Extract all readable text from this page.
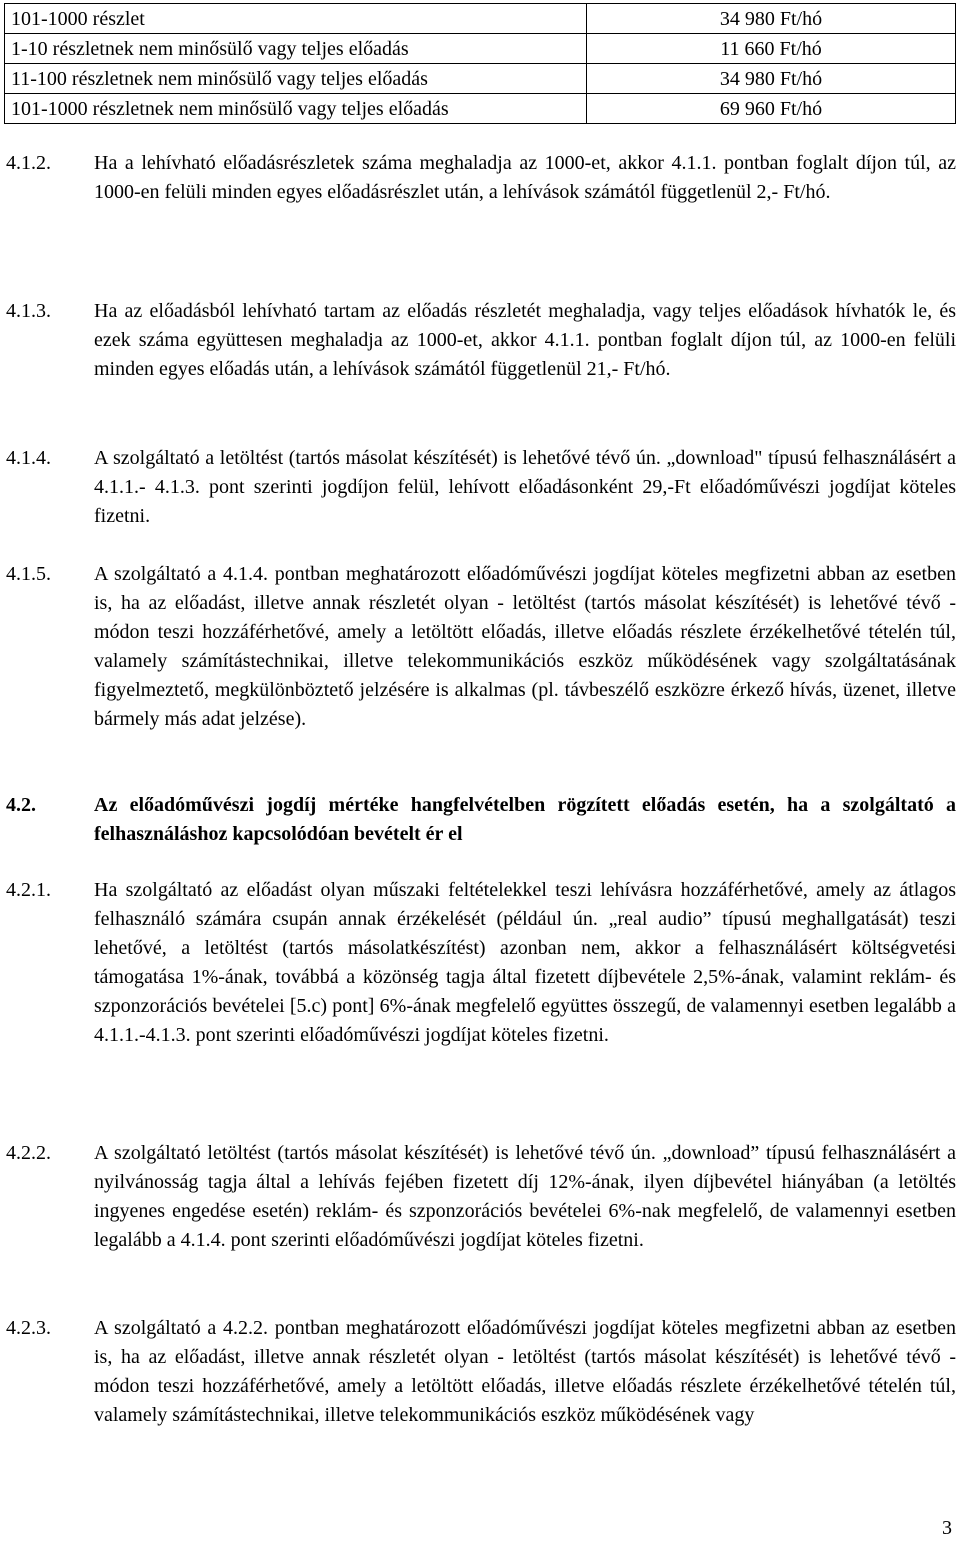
101-1000 részlet	34 980 Ft/hó
1-10 részletnek nem minősülő vagy teljes előadás	11 660 Ft/hó
11-100 részletnek nem minősülő vagy teljes előadás	34 980 Ft/hó
101-1000 részletnek nem minősülő vagy teljes előadás	69 960 Ft/hó
4.1.2.	Ha a lehívható előadásrészletek száma meghaladja az 1000-et, akkor 4.1.1. pontban foglalt díjon túl, az 1000-en felüli minden egyes előadásrészlet után, a lehívások számától függetlenül 2,- Ft/hó.
4.1.3.	Ha az előadásból lehívható tartam az előadás részletét meghaladja, vagy teljes előadások hívhatók le, és ezek száma együttesen meghaladja az 1000-et, akkor 4.1.1. pontban foglalt díjon túl, az 1000-en felüli minden egyes előadás után, a lehívások számától függetlenül 21,- Ft/hó.
4.1.4.	A szolgáltató a letöltést (tartós másolat készítését) is lehetővé tévő ún. „download" típusú felhasználásért a 4.1.1.- 4.1.3. pont szerinti jogdíjon felül, lehívott előadásonként 29,-Ft előadóművészi jogdíjat köteles fizetni.
4.1.5.	A szolgáltató a 4.1.4. pontban meghatározott előadóművészi jogdíjat köteles megfizetni abban az esetben is, ha az előadást, illetve annak részletét olyan - letöltést (tartós másolat készítését) is lehetővé tévő - módon teszi hozzáférhetővé, amely a letöltött előadás, illetve előadás részlete érzékelhetővé tételén túl, valamely számítástechnikai, illetve telekommunikációs eszköz működésének vagy szolgáltatásának figyelmeztető, megkülönböztető jelzésére is alkalmas (pl. távbeszélő eszközre érkező hívás, üzenet, illetve bármely más adat jelzése).
4.2.	Az előadóművészi jogdíj mértéke hangfelvételben rögzített előadás esetén, ha a szolgáltató a felhasználáshoz kapcsolódóan bevételt ér el
4.2.1.	Ha szolgáltató az előadást olyan műszaki feltételekkel teszi lehívásra hozzáférhetővé, amely az átlagos felhasználó számára csupán annak érzékelését (például ún. „real audio” típusú meghallgatását) teszi lehetővé, a letöltést (tartós másolatkészítést) azonban nem, akkor a felhasználásért költségvetési támogatása 1%-ának, továbbá a közönség tagja által fizetett díjbevétele 2,5%-ának, valamint reklám- és szponzorációs bevételei [5.c) pont] 6%-ának megfelelő együttes összegű, de valamennyi esetben legalább a 4.1.1.-4.1.3. pont szerinti előadóművészi jogdíjat köteles fizetni.
4.2.2.	A szolgáltató letöltést (tartós másolat készítését) is lehetővé tévő ún. „download” típusú felhasználásért a nyilvánosság tagja által a lehívás fejében fizetett díj 12%-ának, ilyen díjbevétel hiányában (a letöltés ingyenes engedése esetén) reklám- és szponzorációs bevételei 6%-nak megfelelő, de valamennyi esetben legalább a 4.1.4. pont szerinti előadóművészi jogdíjat köteles fizetni.
4.2.3.	A szolgáltató a 4.2.2. pontban meghatározott előadóművészi jogdíjat köteles megfizetni abban az esetben is, ha az előadást, illetve annak részletét olyan - letöltést (tartós másolat készítését) is lehetővé tévő - módon teszi hozzáférhetővé, amely a letöltött előadás, illetve előadás részlete érzékelhetővé tételén túl, valamely számítástechnikai, illetve telekommunikációs eszköz működésének vagy
3
